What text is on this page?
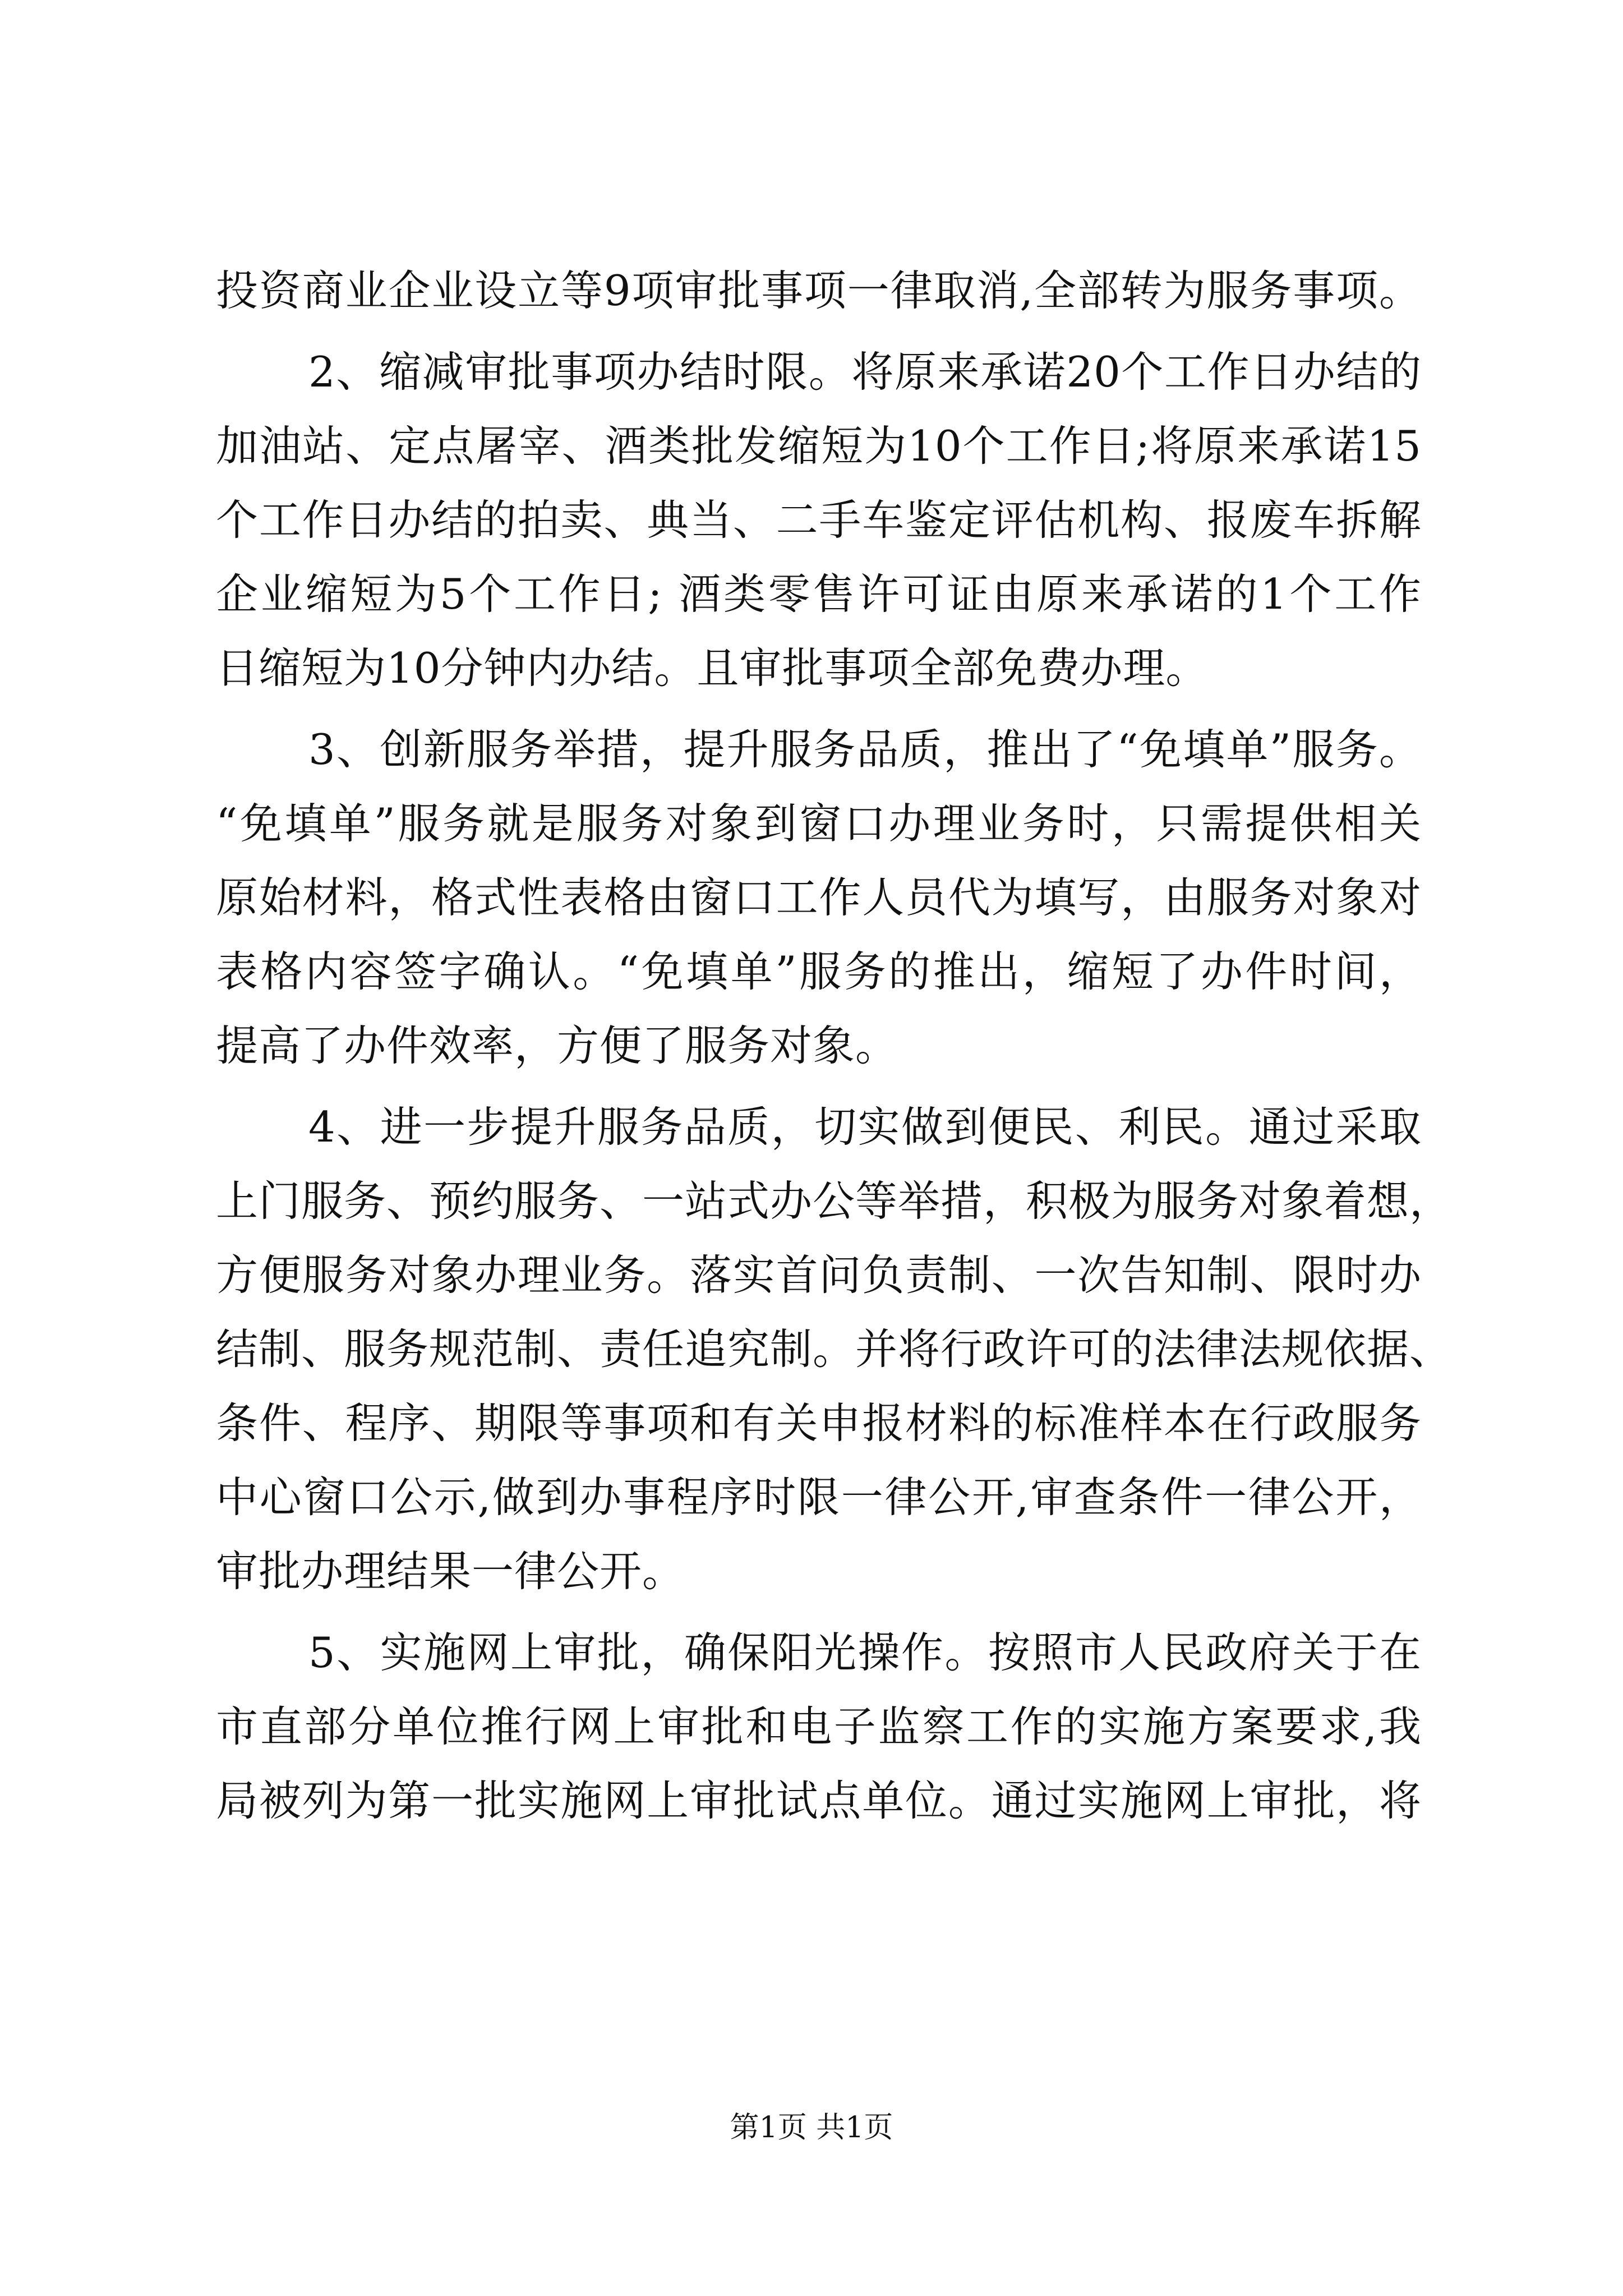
投资商业企业设立等9项审批事项一律取消,全部转为服务事项。
2、缩减审批事项办结时限。将原来承诺20个工作日办结的
加油站、定点屠宰、酒类批发缩短为10个工作日;将原来承诺15
个工作日办结的拍卖、典当、二手车鉴定评估机构、报废车拆解
企业缩短为5个工作日; 酒类零售许可证由原来承诺的1个工作
日缩短为10分钟内办结。且审批事项全部免费办理。
3、创新服务举措，提升服务品质，推出了“免填单”服务。
“免填单”服务就是服务对象到窗口办理业务时，只需提供相关
原始材料，格式性表格由窗口工作人员代为填写，由服务对象对
表格内容签字确认。“免填单”服务的推出，缩短了办件时间，
提高了办件效率，方便了服务对象。
4、进一步提升服务品质，切实做到便民、利民。通过采取
上门服务、预约服务、一站式办公等举措，积极为服务对象着想，
方便服务对象办理业务。落实首问负责制、一次告知制、限时办
结制、服务规范制、责任追究制。并将行政许可的法律法规依据、
条件、程序、期限等事项和有关申报材料的标准样本在行政服务
中心窗口公示,做到办事程序时限一律公开,审查条件一律公开，
审批办理结果一律公开。
5、实施网上审批，确保阳光操作。按照市人民政府关于在
市直部分单位推行网上审批和电子监察工作的实施方案要求,我
局被列为第一批实施网上审批试点单位。通过实施网上审批，将
第1页 共1页
